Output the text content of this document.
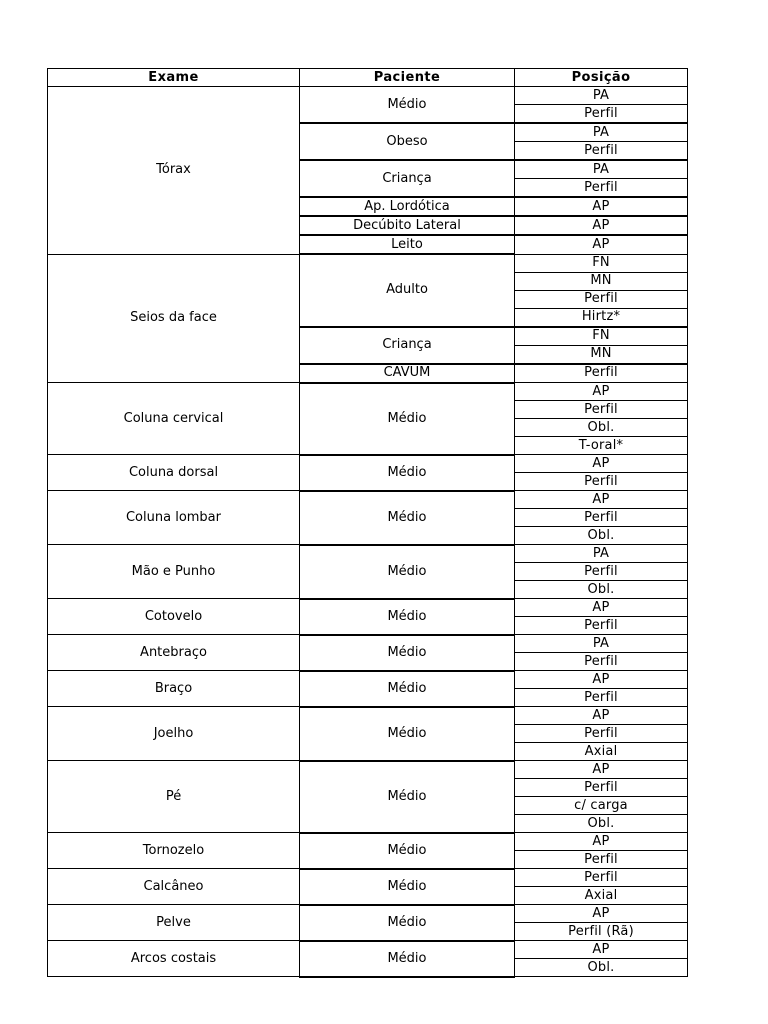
Exame	Paciente	Posição
Tórax	Médio	PA
		Perfil
	Obeso	PA
		Perfil
	Criança	PA
		Perfil
	Ap. Lordótica	AP
	Decúbito Lateral	AP
	Leito	AP
Seios da face	Adulto	FN
		MN
		Perfil
		Hirtz*
	Criança	FN
		MN
	CAVUM	Perfil
Coluna cervical	Médio	AP
		Perfil
		Obl.
		T-oral*
Coluna dorsal	Médio	AP
		Perfil
Coluna lombar	Médio	AP
		Perfil
		Obl.
Mão e Punho	Médio	PA
		Perfil
		Obl.
Cotovelo	Médio	AP
		Perfil
Antebraço	Médio	PA
		Perfil
Braço	Médio	AP
		Perfil
Joelho	Médio	AP
		Perfil
		Axial
Pé	Médio	AP
		Perfil
		c/ carga
		Obl.
Tornozelo	Médio	AP
		Perfil
Calcâneo	Médio	Perfil
		Axial
Pelve	Médio	AP
		Perfil (Rã)
Arcos costais	Médio	AP
		Obl.
